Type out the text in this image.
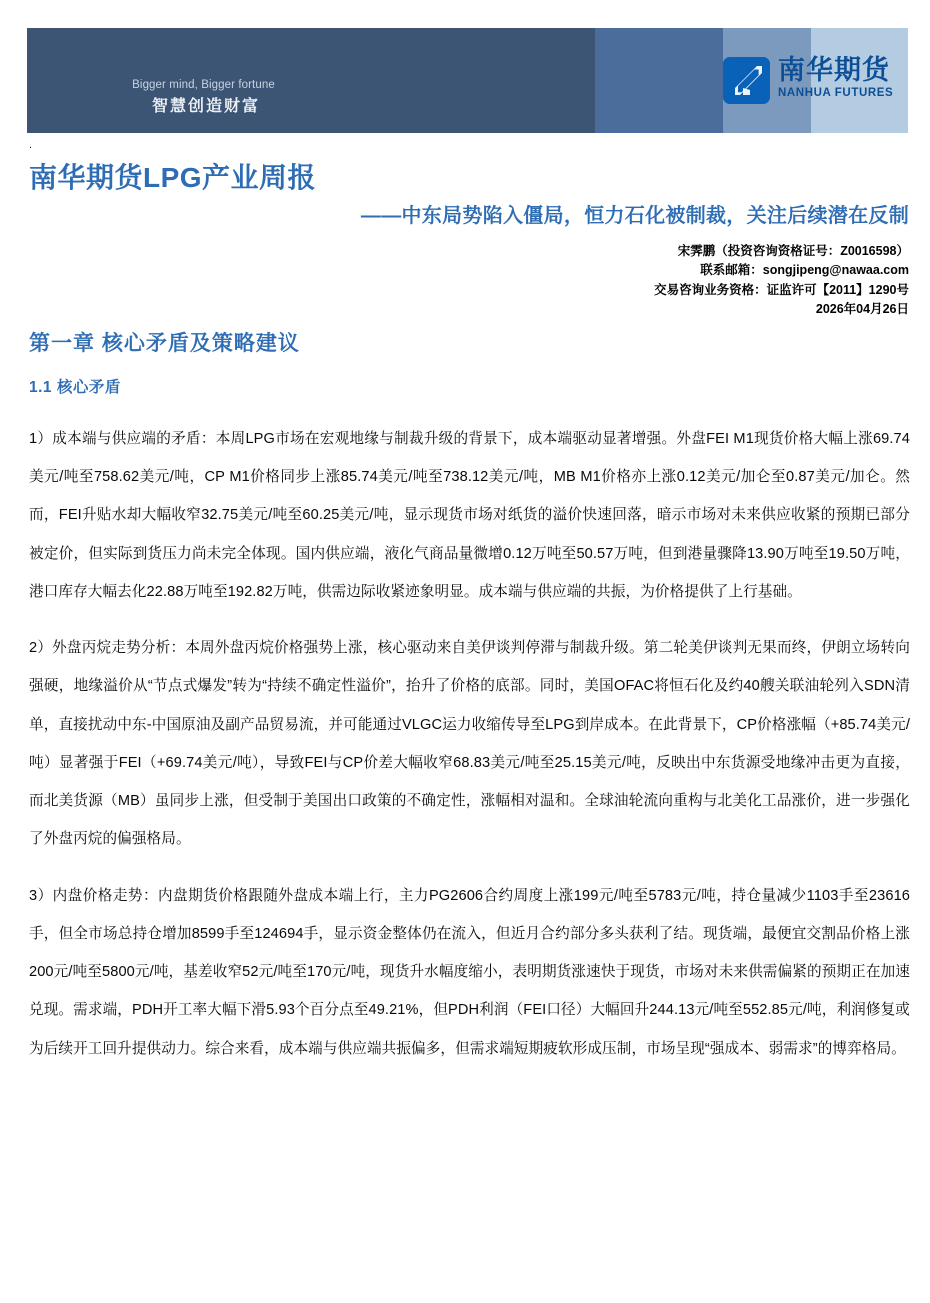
Bigger mind, Bigger fortune
智慧创造财富
南华期货
NANHUA FUTURES
.
南华期货LPG产业周报
——中东局势陷入僵局，恒力石化被制裁，关注后续潜在反制
宋霁鹏（投资咨询资格证号：Z0016598）
联系邮箱：songjipeng@nawaa.com
交易咨询业务资格：证监许可【2011】1290号
2026年04月26日
第一章 核心矛盾及策略建议
1.1 核心矛盾

1）成本端与供应端的矛盾：本周LPG市场在宏观地缘与制裁升级的背景下，成本端驱动显著增强。外盘FEI M1现货价格大幅上涨69.74美元/吨至758.62美元/吨，CP M1价格同步上涨85.74美元/吨至738.12美元/吨，MB M1价格亦上涨0.12美元/加仑至0.87美元/加仑。然而，FEI升贴水却大幅收窄32.75美元/吨至60.25美元/吨，显示现货市场对纸货的溢价快速回落，暗示市场对未来供应收紧的预期已部分被定价，但实际到货压力尚未完全体现。国内供应端，液化气商品量微增0.12万吨至50.57万吨，但到港量骤降13.90万吨至19.50万吨，港口库存大幅去化22.88万吨至192.82万吨，供需边际收紧迹象明显。成本端与供应端的共振，为价格提供了上行基础。

2）外盘丙烷走势分析：本周外盘丙烷价格强势上涨，核心驱动来自美伊谈判停滞与制裁升级。第二轮美伊谈判无果而终，伊朗立场转向强硬，地缘溢价从“节点式爆发”转为“持续不确定性溢价”，抬升了价格的底部。同时，美国OFAC将恒石化及约40艘关联油轮列入SDN清单，直接扰动中东-中国原油及副产品贸易流，并可能通过VLGC运力收缩传导至LPG到岸成本。在此背景下，CP价格涨幅（+85.74美元/吨）显著强于FEI（+69.74美元/吨），导致FEI与CP价差大幅收窄68.83美元/吨至25.15美元/吨，反映出中东货源受地缘冲击更为直接，而北美货源（MB）虽同步上涨，但受制于美国出口政策的不确定性，涨幅相对温和。全球油轮流向重构与北美化工品涨价，进一步强化了外盘丙烷的偏强格局。

3）内盘价格走势：内盘期货价格跟随外盘成本端上行，主力PG2606合约周度上涨199元/吨至5783元/吨，持仓量减少1103手至23616手，但全市场总持仓增加8599手至124694手，显示资金整体仍在流入，但近月合约部分多头获利了结。现货端，最便宜交割品价格上涨200元/吨至5800元/吨，基差收窄52元/吨至170元/吨，现货升水幅度缩小，表明期货涨速快于现货，市场对未来供需偏紧的预期正在加速兑现。需求端，PDH开工率大幅下滑5.93个百分点至49.21%，但PDH利润（FEI口径）大幅回升244.13元/吨至552.85元/吨，利润修复或为后续开工回升提供动力。综合来看，成本端与供应端共振偏多，但需求端短期疲软形成压制，市场呈现“强成本、弱需求”的博弈格局。
